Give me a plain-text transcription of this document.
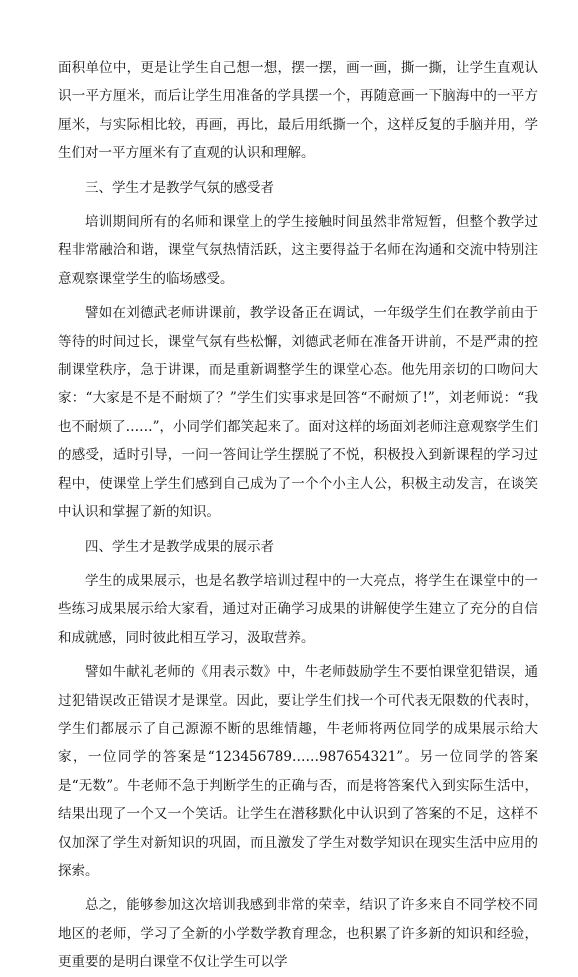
面积单位中，更是让学生自己想一想，摆一摆，画一画，撕一撕，让学生直观认识一平方厘米，而后让学生用准备的学具摆一个，再随意画一下脑海中的一平方厘米，与实际相比较，再画，再比，最后用纸撕一个，这样反复的手脑并用，学生们对一平方厘米有了直观的认识和理解。

三、学生才是教学气氛的感受者

培训期间所有的名师和课堂上的学生接触时间虽然非常短暂，但整个教学过程非常融洽和谐，课堂气氛热情活跃，这主要得益于名师在沟通和交流中特别注意观察课堂学生的临场感受。

譬如在刘德武老师讲课前，教学设备正在调试，一年级学生们在教学前由于等待的时间过长，课堂气氛有些松懈，刘德武老师在准备开讲前，不是严肃的控制课堂秩序，急于讲课，而是重新调整学生的课堂心态。他先用亲切的口吻问大家：“大家是不是不耐烦了？”学生们实事求是回答“不耐烦了!”，刘老师说：“我也不耐烦了……”，小同学们都笑起来了。面对这样的场面刘老师注意观察学生们的感受，适时引导，一问一答间让学生摆脱了不悦，积极投入到新课程的学习过程中，使课堂上学生们感到自己成为了一个个小主人公，积极主动发言，在谈笑中认识和掌握了新的知识。

四、学生才是教学成果的展示者

学生的成果展示，也是名教学培训过程中的一大亮点，将学生在课堂中的一些练习成果展示给大家看，通过对正确学习成果的讲解使学生建立了充分的自信和成就感，同时彼此相互学习，汲取营养。

譬如牛献礼老师的《用表示数》中，牛老师鼓励学生不要怕课堂犯错误，通过犯错误改正错误才是课堂。因此，要让学生们找一个可代表无限数的代表时，学生们都展示了自己源源不断的思维情趣，牛老师将两位同学的成果展示给大家，一位同学的答案是“123456789……987654321”。另一位同学的答案是“无数”。牛老师不急于判断学生的正确与否，而是将答案代入到实际生活中，结果出现了一个又一个笑话。让学生在潜移默化中认识到了答案的不足，这样不仅加深了学生对新知识的巩固，而且激发了学生对数学知识在现实生活中应用的探索。

总之，能够参加这次培训我感到非常的荣幸，结识了许多来自不同学校不同地区的老师，学习了全新的小学数学教育理念，也积累了许多新的知识和经验，更重要的是明白课堂不仅让学生可以学
